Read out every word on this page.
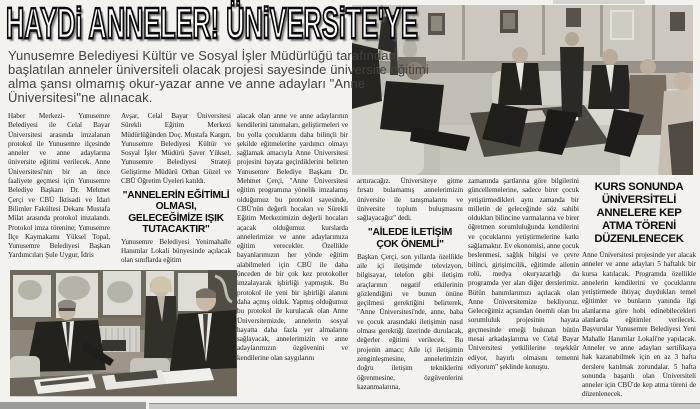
HAYDi ANNELER! ÜNiVERSiTE'YE

Yunusemre Belediyesi Kültür ve Sosyal İşler Müdürlüğü tarafından başlatılan anneler üniversiteli olacak projesi sayesinde üniversite eğitimi alma şansı olmamış okur-yazar anne ve anne adayları "Anne Üniversitesi"ne alınacak.

Haber Merkezi- Yunusemre Belediyesi ile Celal Bayar Üniversitesi arasında imzalanan protokol ile Yunusemre ilçesinde anneler ve anne adaylarına üniversite eğitimi verilecek. Anne Üniversitesi'nin bir an önce faaliyete geçmesi için Yunusemre Belediye Başkanı Dr. Mehmet Çerçi ve CBÜ İktisadi ve İdari Bilimler Fakültesi Dekanı Mustafa Milat arasında protokol imzalandı. Protokol imza törenine; Yunusemre İlçe Kaymakamı Yüksel Topal, Yunusemre Belediyesi Başkan Yardımcıları Şule Uygur, İdris

Avşar, Celal Bayar Üniversitesi Sürekli Eğitim Merkezi Müdürlüğünden Doç. Mustafa Kargın, Yunusemre Belediyesi Kültür ve Sosyal İşler Müdürü Şaver Yüksel, Yunusemre Belediyesi Strateji Geliştirme Müdürü Orhan Güzel ve CBÜ Öğretim Üyeleri katıldı.

"ANNELERİN EĞİTİMLİ OLMASI, GELECEĞİMİZE IŞIK TUTACAKTIR"

Yunusemre Belediyesi Yenimahalle Hanımlar Lokali bünyesinde açılacak olan sınıflarda eğitim

alacak olan anne ve anne adaylarının kendilerini tanımaları, geliştirmeleri ve bu yolla çocuklarını daha bilinçli bir şekilde eğitmelerine yardımcı olmayı sağlamak amacıyla Anne Üniversitesi projesini hayata geçirdiklerini belirten Yunusemre Belediye Başkanı Dr. Mehmet Çerçi, "Anne Üniversitesi eğitim programına yönelik imzalamış olduğumuz bu protokol sayesinde, CBÜ'nün değerli hocaları ve Sürekli Eğitim Merkezimizin değerli hocaları açacak olduğumuz kurslarda annelerimize ve anne adaylarımıza eğitim verecekler. Özellikle bayanlarımızın her yönde eğitim alabilmeleri için CBÜ ile daha önceden de bir çok kez protokoller imzalayarak işbirliği yapmıştık. Bu protokol ile yeni bir işbirliği alanını daha açmış olduk. Yapmış olduğumuz bu protokol ile kurulacak olan Anne Üniversitemizde, annelerin sosyal hayatta daha fazla yer almalarını sağlayacak, annelerimizin ve anne adaylarımızın özgüvenini ve kendilerine olan saygılarını

arttıracağız. Üniversiteye gitme fırsatı bulamamış annelerimizin üniversite ile tanışmalarını ve üniversite toplum buluşmasını sağlayacağız" dedi.

"AİLEDE İLETİŞİM ÇOK ÖNEMLİ"

Başkan Çerçi, son yıllarda özellikle aile içi iletişimde televizyon, bilgisayar, telefon gibi iletişim araçlarının negatif etkilerinin gözlendiğini ve bunun önüne geçilmesi gerektiğini belirterek, "Anne Üniversitesi'nde, anne, baba ve çocuk arasındaki iletişimin nasıl olması gerektiği üzerinde durulacak, değerler eğitimi verilecek. Bu projenin amacı; Aile içi iletişimin zenginleşmesine, annelerimizin doğru iletişim tekniklerini öğrenmesine, özgüvenlerini kazanmalarına,

zamanında şartlarına göre bilgilerini güncellemelerine, sadece birer çocuk yetiştirmedikleri aynı zamanda bir milletin de geleceğinde söz sahibi oldukları bilincine varmalarına ve birer öğretmen sorumluluğunda kendilerini ve çocuklarını yetiştirmelerine katkı sağlamaktır. Ev ekonomisi, anne çocuk beslenmesi, sağlık bilgisi ve çevre bilinci, girişimcilik, eğitimde ailenin rolü, medya okuryazarlığı da programda yer alan diğer derslerimiz. Bütün hanımlarımızı açılacak olan Anne Üniversitemize bekliyoruz. Geleceğimiz açısından önemli olan bu sorumluluk projesinin hayata geçmesinde emeği bulunan bütün mesai arkadaşlarıma ve Celal Bayar Üniversitesi yetkililerine teşekkür ediyor, hayırlı olmasını temenni ediyorum" şeklinde konuştu.
KURS SONUNDA ÜNİVERSİTELİ ANNELERE KEP ATMA TÖRENİ DÜZENLENECEK
Anne Üniversitesi projesinde yer alacak anneler ve anne adayları 5 haftalık bir kursa katılacak. Programda özellikle annelerin kendilerini ve çocuklarını yetiştirmede ihtiyaç duydukları temel eğitimler ve bunların yanında ilgi alanlarına göre hobi edinebilecekleri alanlarda eğitimler verilecek. Başvurular Yunusemre Belediyesi Yeni Mahalle Hanımlar Lokali'ne yapılacak. Anneler ve anne adayları sertifikaya hak kazanabilmek için en az 3 hafta derslere katılmak zorundalar. 5 hafta sonunda başarılı olan Üniversiteli anneler için CBÜ'de kep atma töreni de düzenlenecek.
